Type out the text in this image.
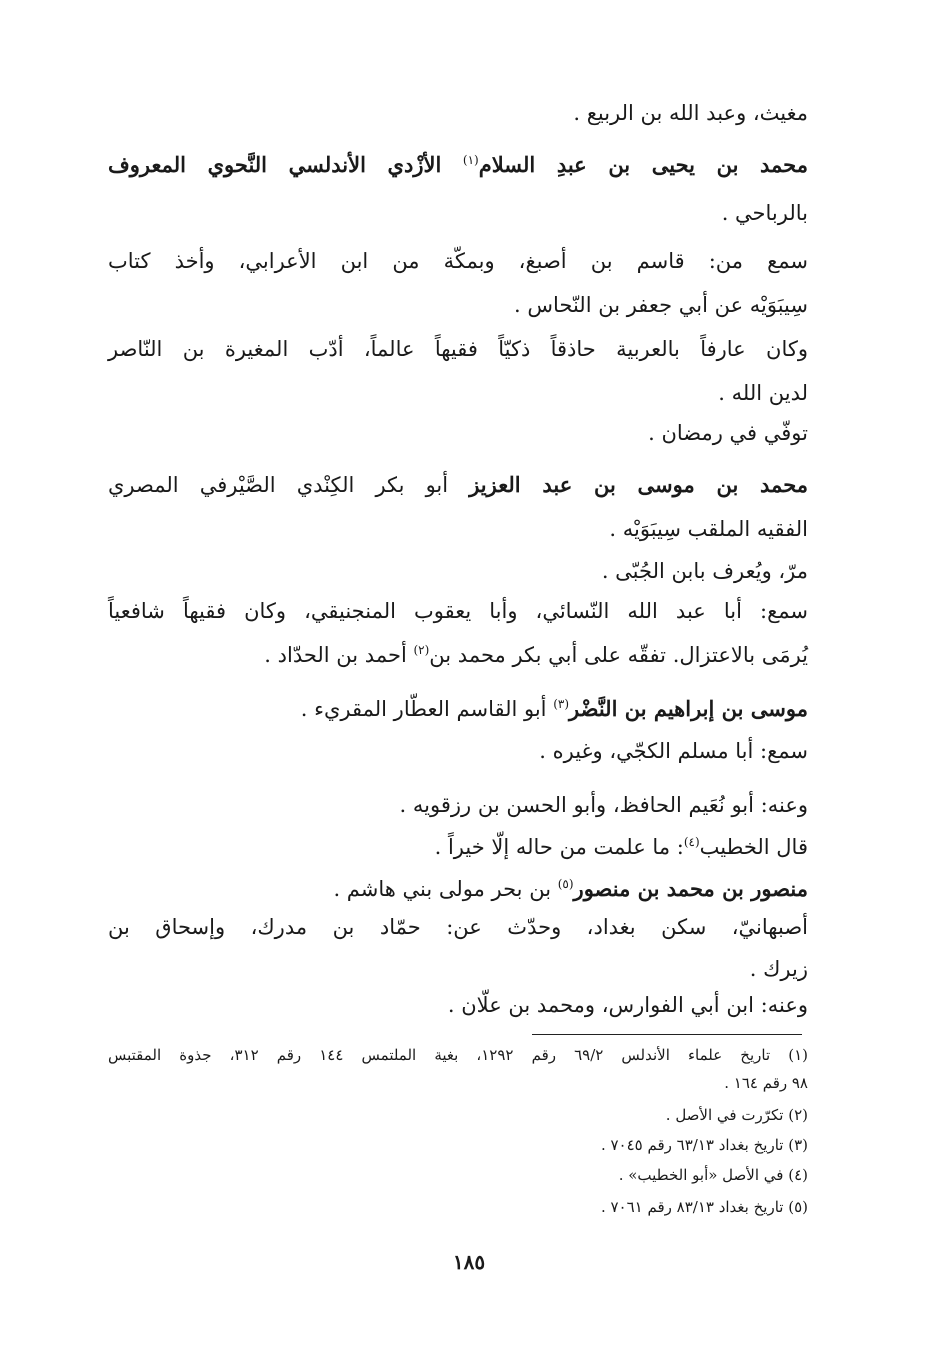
مغيث، وعبد الله بن الربيع .
محمد بن يحيى بن عبدِ السلام$^{(١)}$ الأزْدي الأندلسي النَّحوي المعروف
بالرباحي .
سمع من: قاسم بن أصبغ، وبمكّة من ابن الأعرابي، وأخذ كتاب
سِيبَوَيْه عن أبي جعفر بن النّحاس .
وكان عارفاً بالعربية حاذقاً ذكيّاً فقيهاً عالماً، أدّب المغيرة بن النّاصر
لدين الله .
توفّي في رمضان .
محمد بن موسى بن عبد العزيز أبو بكر الكِنْدي الصَّيْرفي المصري
الفقيه الملقب سِيبَوَيْه .
مرّ، ويُعرف بابن الجُبّى .
سمع: أبا عبد الله النّسائي، وأبا يعقوب المنجنيقي، وكان فقيهاً شافعياً
يُرمَى بالاعتزال. تفقّه على أبي بكر محمد بن$^{(٢)}$ أحمد بن الحدّاد .
موسى بن إبراهيم بن النَّضْر$^{(٣)}$ أبو القاسم العطّار المقريء .
سمع: أبا مسلم الكجّي، وغيره .
وعنه: أبو نُعَيم الحافظ، وأبو الحسن بن رزقويه .
قال الخطيب$^{(٤)}$: ما علمت من حاله إلّا خيراً .
منصور بن محمد بن منصور$^{(٥)}$ بن بحر مولى بني هاشم .
أصبهانيّ، سكن بغداد، وحدّث عن: حمّاد بن مدرك، وإسحاق بن
زيرك .
وعنه: ابن أبي الفوارس، ومحمد بن علّان .
(١) تاريخ علماء الأندلس ٦٩/٢ رقم ١٢٩٢، بغية الملتمس ١٤٤ رقم ٣١٢، جذوة المقتبس
٩٨ رقم ١٦٤ .
(٢) تكرّرت في الأصل .
(٣) تاريخ بغداد ٦٣/١٣ رقم ٧٠٤٥ .
(٤) في الأصل «أبو الخطيب» .
(٥) تاريخ بغداد ٨٣/١٣ رقم ٧٠٦١ .
١٨٥
